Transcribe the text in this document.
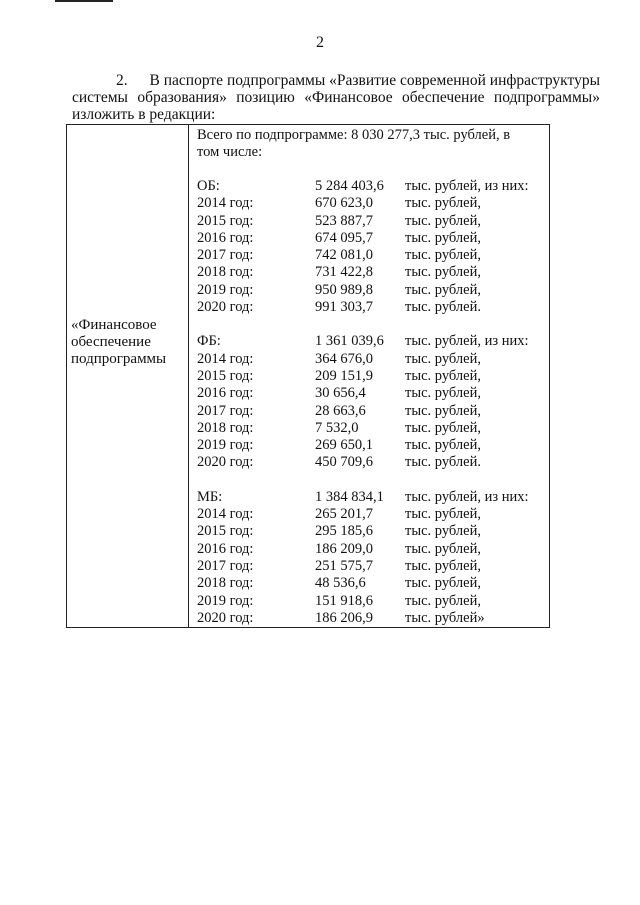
2
2. В паспорте подпрограммы «Развитие современной инфраструктуры
системы образования» позицию «Финансовое обеспечение подпрограммы»
изложить в редакции:
«Финансовое
обеспечение
подпрограммы
Всего по подпрограмме: 8 030 277,3 тыс. рублей, в
том числе:
ОБ:	5 284 403,6	тыс. рублей, из них:
2014 год:	670 623,0	тыс. рублей,
2015 год:	523 887,7	тыс. рублей,
2016 год:	674 095,7	тыс. рублей,
2017 год:	742 081,0	тыс. рублей,
2018 год:	731 422,8	тыс. рублей,
2019 год:	950 989,8	тыс. рублей,
2020 год:	991 303,7	тыс. рублей.
ФБ:	1 361 039,6	тыс. рублей, из них:
2014 год:	364 676,0	тыс. рублей,
2015 год:	209 151,9	тыс. рублей,
2016 год:	30 656,4	тыс. рублей,
2017 год:	28 663,6	тыс. рублей,
2018 год:	7 532,0	тыс. рублей,
2019 год:	269 650,1	тыс. рублей,
2020 год:	450 709,6	тыс. рублей.
МБ:	1 384 834,1	тыс. рублей, из них:
2014 год:	265 201,7	тыс. рублей,
2015 год:	295 185,6	тыс. рублей,
2016 год:	186 209,0	тыс. рублей,
2017 год:	251 575,7	тыс. рублей,
2018 год:	48 536,6	тыс. рублей,
2019 год:	151 918,6	тыс. рублей,
2020 год:	186 206,9	тыс. рублей»
